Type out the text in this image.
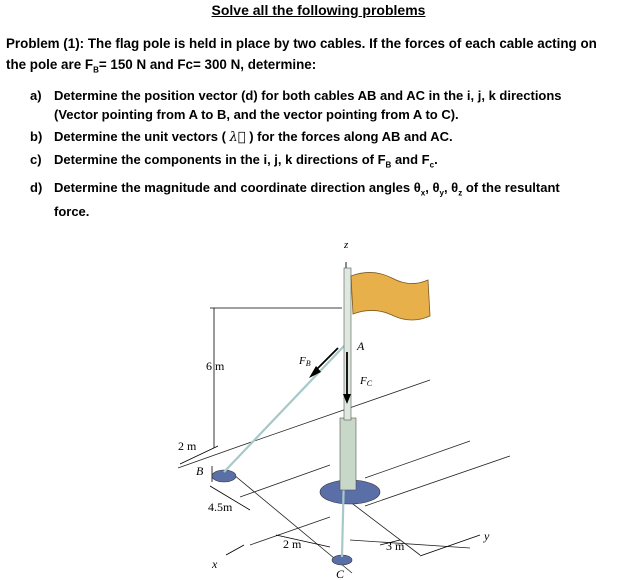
Solve all the following problems
Problem (1): The flag pole is held in place by two cables. If the forces of each cable acting on
the pole are $F_B= 150$ N and Fc= 300 N, determine:
a) Determine the position vector (d) for both cables AB and AC in the i, j, k directions
(Vector pointing from A to B, and the vector pointing from A to C).
b) Determine the unit vectors ( λ⃗ ) for the forces along AB and AC.
c) Determine the components in the i, j, k directions of $F_B$ and $F_c$.
d) Determine the magnitude and coordinate direction angles $\theta_x$, $\theta_y$, $\theta_z$ of the resultant
force.
z
y
x
A
B
C
FB
FC
6 m
2 m
4.5m
2 m	3 m
